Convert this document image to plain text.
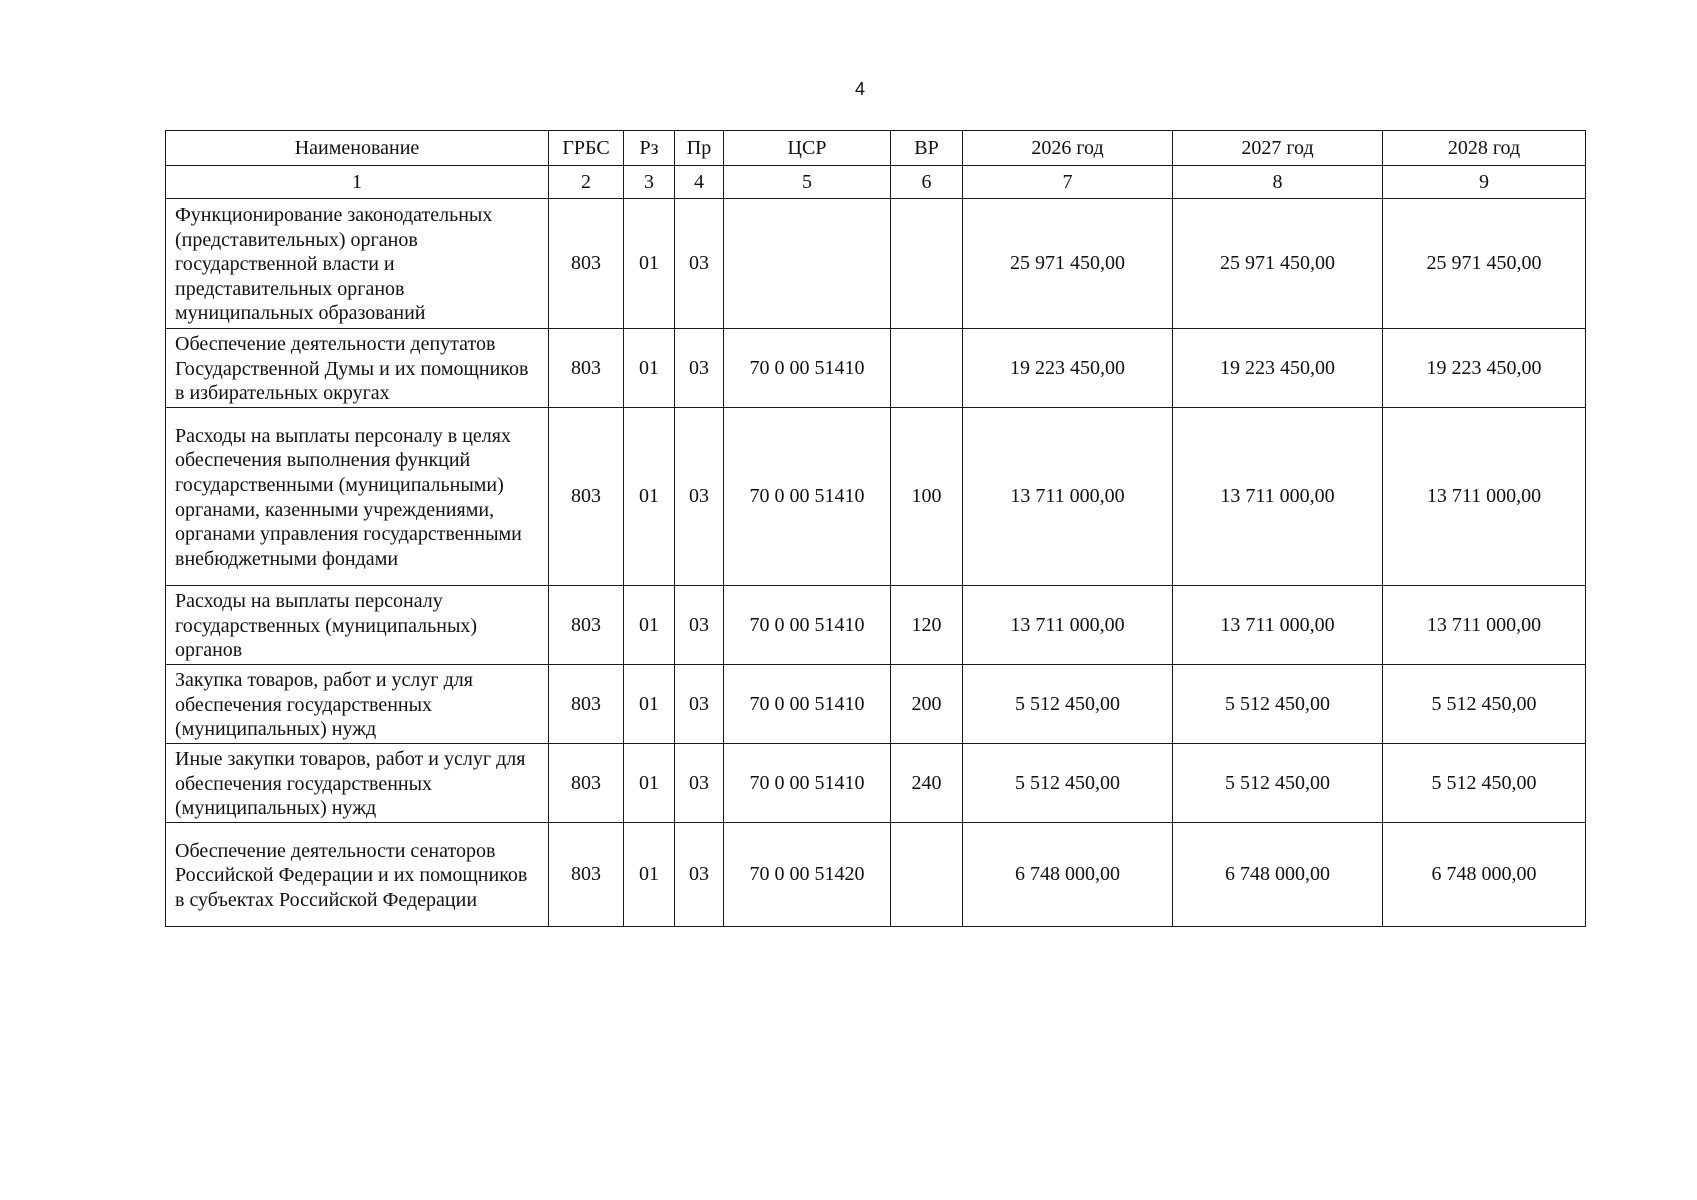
4
Наименование	ГРБС	Рз	Пр	ЦСР	ВР	2026 год	2027 год	2028 год
1	2	3	4	5	6	7	8	9
Функционирование законодательных (представительных) органов государственной власти и представительных органов муниципальных образований	803	01	03			25 971 450,00	25 971 450,00	25 971 450,00
Обеспечение деятельности депутатов Государственной Думы и их помощников в избирательных округах	803	01	03	70 0 00 51410		19 223 450,00	19 223 450,00	19 223 450,00
Расходы на выплаты персоналу в целях обеспечения выполнения функций государственными (муниципальными) органами, казенными учреждениями, органами управления государственными внебюджетными фондами	803	01	03	70 0 00 51410	100	13 711 000,00	13 711 000,00	13 711 000,00
Расходы на выплаты персоналу государственных (муниципальных) органов	803	01	03	70 0 00 51410	120	13 711 000,00	13 711 000,00	13 711 000,00
Закупка товаров, работ и услуг для обеспечения государственных (муниципальных) нужд	803	01	03	70 0 00 51410	200	5 512 450,00	5 512 450,00	5 512 450,00
Иные закупки товаров, работ и услуг для обеспечения государственных (муниципальных) нужд	803	01	03	70 0 00 51410	240	5 512 450,00	5 512 450,00	5 512 450,00
Обеспечение деятельности сенаторов Российской Федерации и их помощников в субъектах Российской Федерации	803	01	03	70 0 00 51420		6 748 000,00	6 748 000,00	6 748 000,00
